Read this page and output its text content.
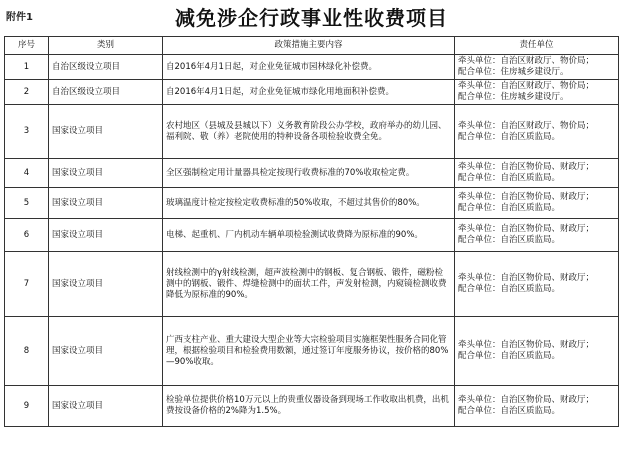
附件1	减免涉企行政事业性收费项目
序号	类别	政策措施主要内容	责任单位
1	自治区级设立项目	自2016年4月1日起，对企业免征城市园林绿化补偿费。	牵头单位：自治区财政厅、物价局；
配合单位：住房城乡建设厅。

2	自治区级设立项目	自2016年4月1日起，对企业免征城市绿化用地面积补偿费。	牵头单位：自治区财政厅、物价局；
配合单位：住房城乡建设厅。

3	国家设立项目	农村地区（县城及县城以下）义务教育阶段公办学校，政府举办的幼儿园、福利院、敬（养）老院使用的特种设备各项检验收费全免。	牵头单位：自治区财政厅、物价局；
配合单位：自治区质监局。

4	国家设立项目	全区强制检定用计量器具检定按现行收费标准的70%收取检定费。	牵头单位：自治区物价局、财政厅；
配合单位：自治区质监局。

5	国家设立项目	玻璃温度计检定按检定收费标准的50%收取，不超过其售价的80%。	牵头单位：自治区物价局、财政厅；
配合单位：自治区质监局。

6	国家设立项目	电梯、起重机、厂内机动车辆单项检验测试收费降为原标准的90%。	牵头单位：自治区物价局、财政厅；
配合单位：自治区质监局。

7	国家设立项目	射线检测中的γ射线检测，超声波检测中的钢板、复合钢板、锻件，磁粉检测中的钢板、锻件、焊缝检测中的面状工件，声发射检测，内窥镜检测收费降低为原标准的90%。	牵头单位：自治区物价局、财政厅；
配合单位：自治区质监局。

8	国家设立项目	广西支柱产业、重大建设大型企业等大宗检验项目实施框架性服务合同化管理，根据检验项目和检验费用数额，通过签订年度服务协议，按价格的80%—90%收取。	牵头单位：自治区物价局、财政厅；
配合单位：自治区质监局。

9	国家设立项目	检验单位提供价格10万元以上的贵重仪器设备到现场工作收取出机费，出机费按设备价格的2%降为1.5%。	牵头单位：自治区物价局、财政厅；
配合单位：自治区质监局。
